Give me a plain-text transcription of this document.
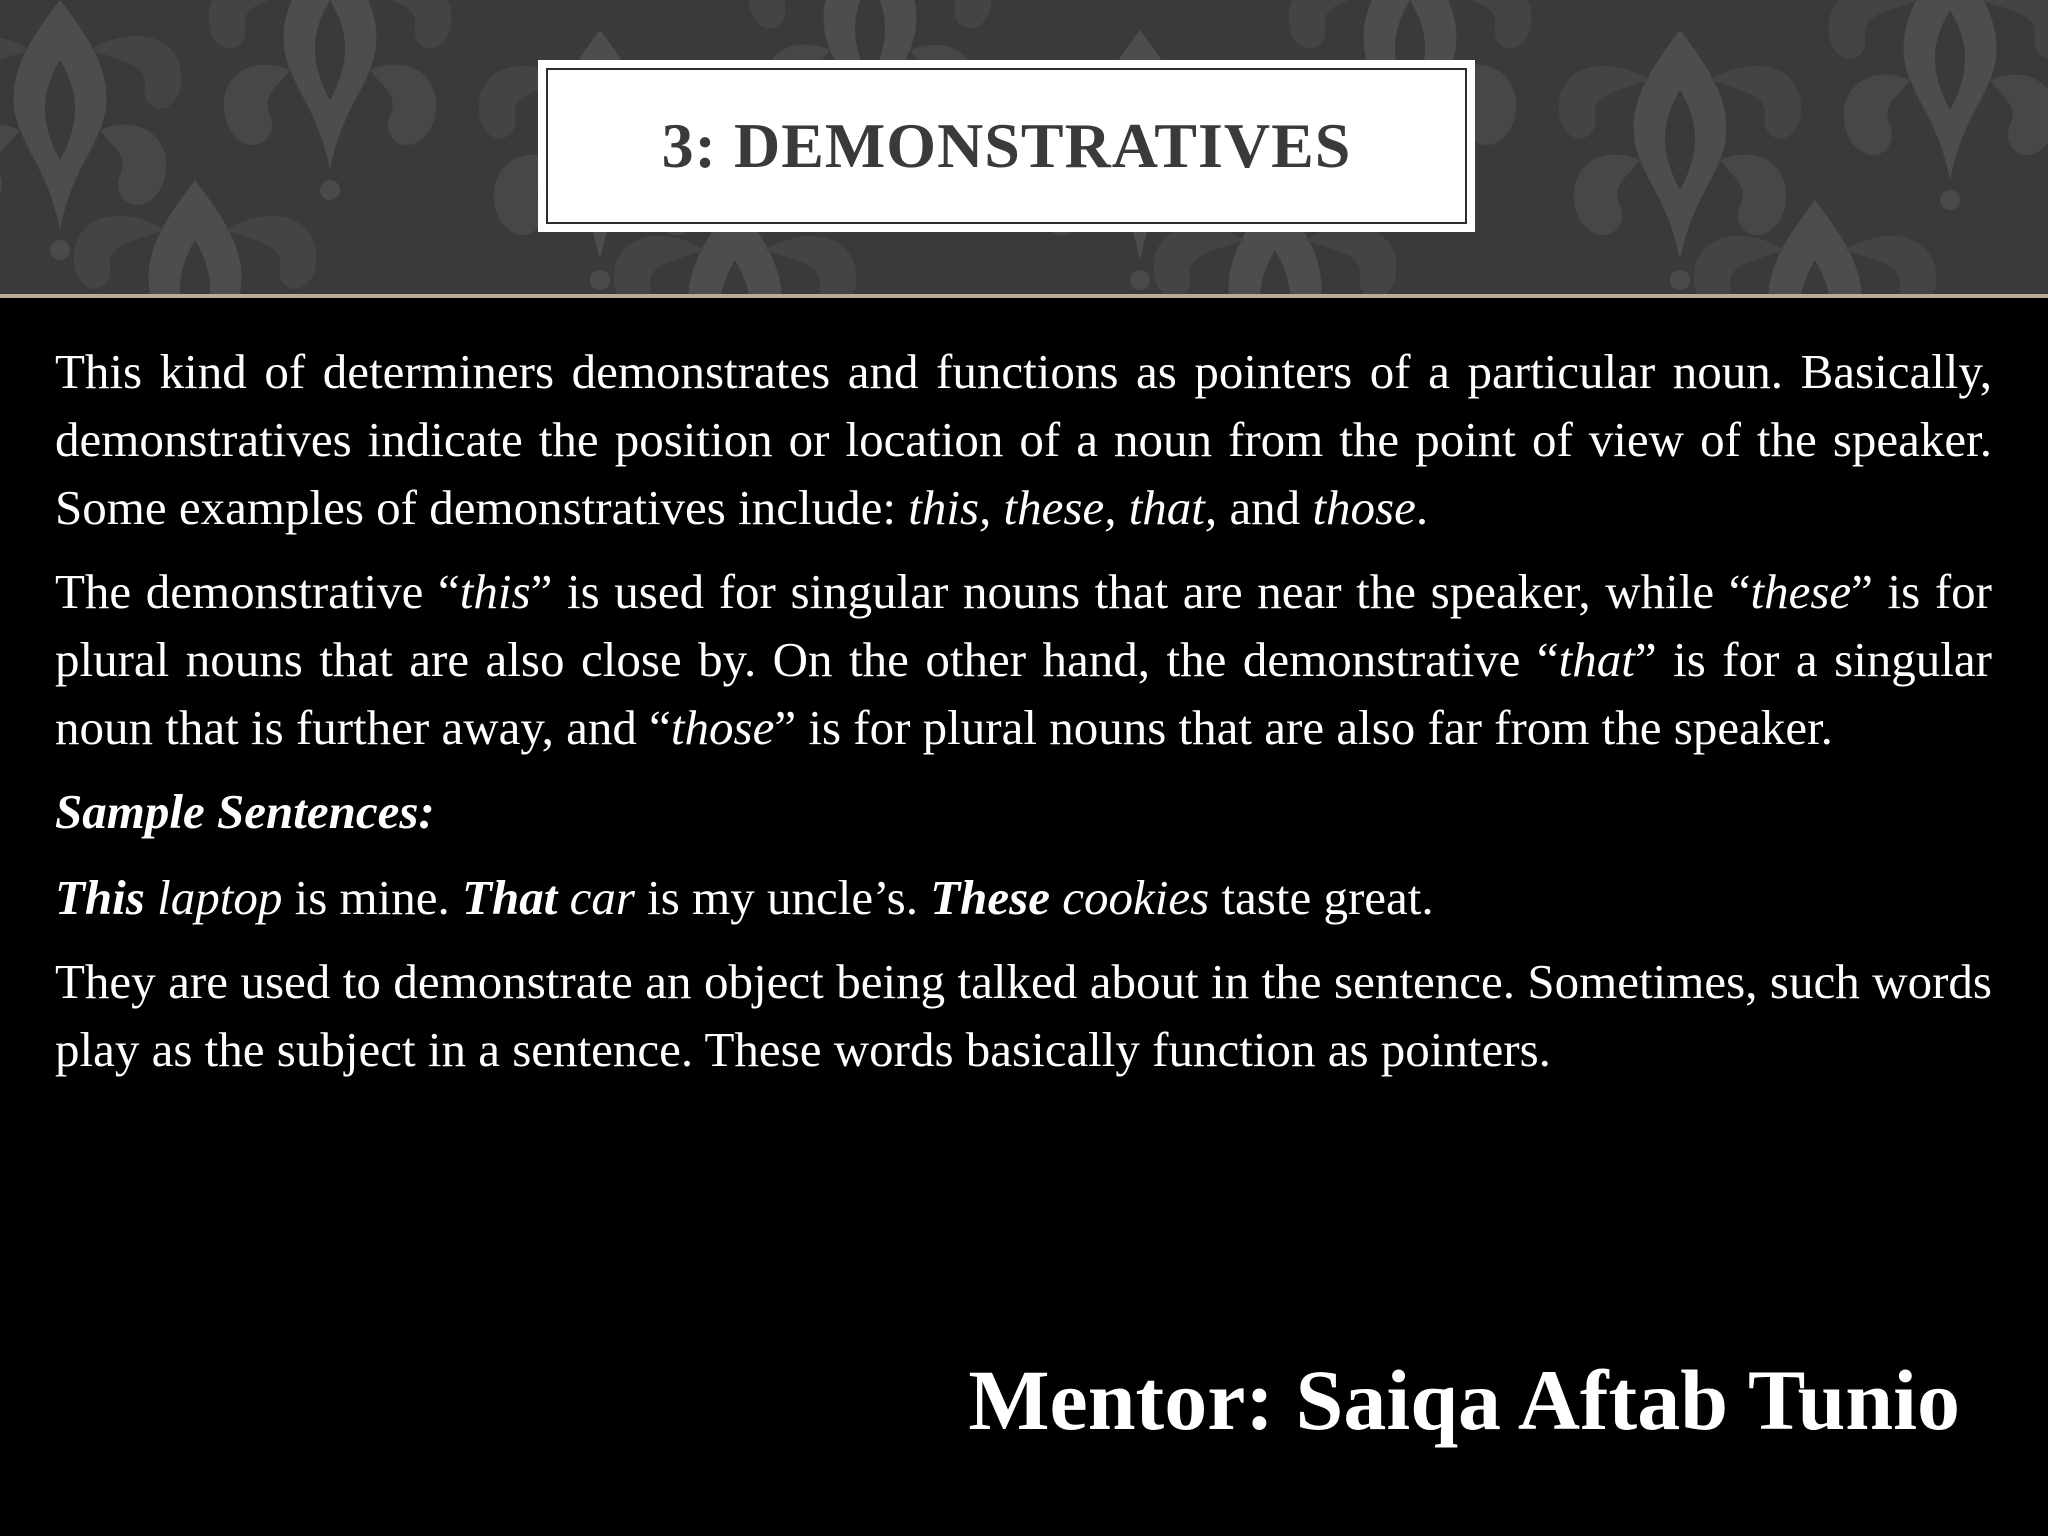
3: DEMONSTRATIVES

This kind of determiners demonstrates and functions as pointers of a particular noun. Basically, demonstratives indicate the position or location of a noun from the point of view of the speaker. Some examples of demonstratives include: this, these, that, and those.

The demonstrative “this” is used for singular nouns that are near the speaker, while “these” is for plural nouns that are also close by. On the other hand, the demonstrative “that” is for a singular noun that is further away, and “those” is for plural nouns that are also far from the speaker.

Sample Sentences:

This laptop is mine. That car is my uncle’s. These cookies taste great.

They are used to demonstrate an object being talked about in the sentence. Sometimes, such words play as the subject in a sentence. These words basically function as pointers.

Mentor: Saiqa Aftab Tunio
